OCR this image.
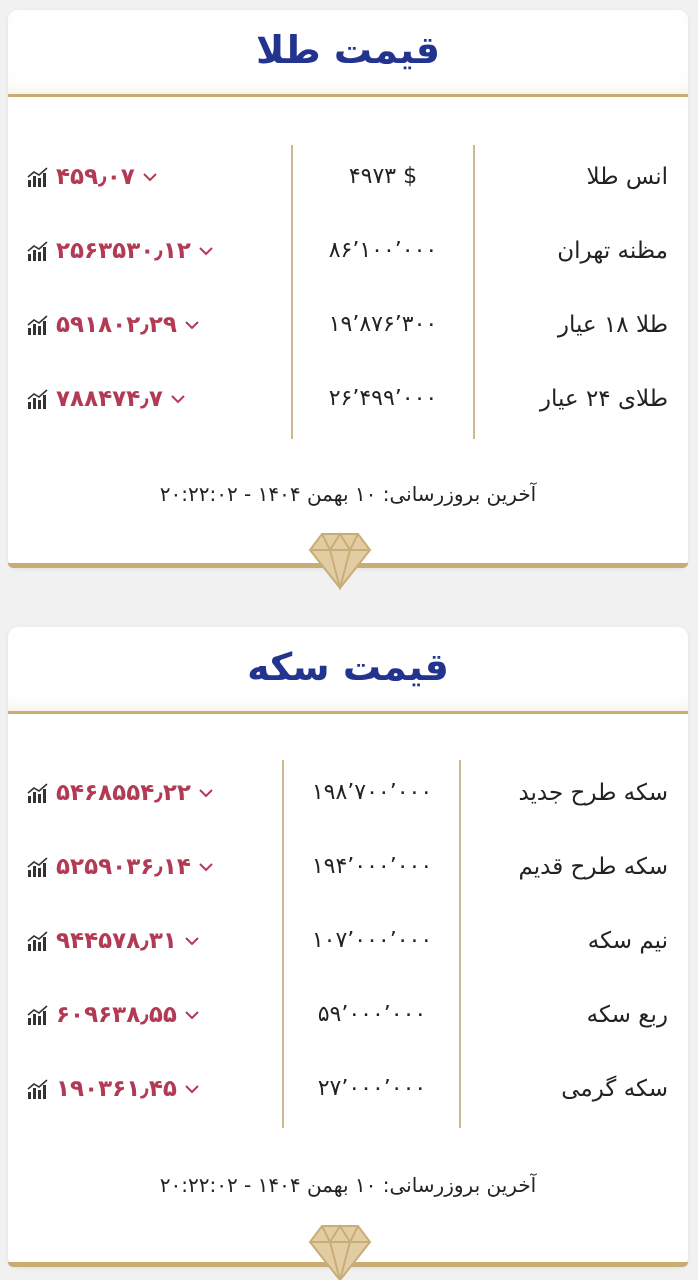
قیمت طلا
انس طلا
۴۹۷۳ $
۴۵۹٫۰۷
مظنه تهران
۸۶٬۱۰۰٬۰۰۰
۲۵۶۳۵۳۰٫۱۲
طلا ۱۸ عیار
۱۹٬۸۷۶٬۳۰۰
۵۹۱۸۰۲٫۲۹
طلای ۲۴ عیار
۲۶٬۴۹۹٬۰۰۰
۷۸۸۴۷۴٫۷
آخرین بروزرسانی: ۱۰ بهمن ۱۴۰۴ - ۲۰:۲۲:۰۲
قیمت سکه
سکه طرح جدید
۱۹۸٬۷۰۰٬۰۰۰
۵۴۶۸۵۵۴٫۲۲
سکه طرح قدیم
۱۹۴٬۰۰۰٬۰۰۰
۵۲۵۹۰۳۶٫۱۴
نیم سکه
۱۰۷٬۰۰۰٬۰۰۰
۹۴۴۵۷۸٫۳۱
ربع سکه
۵۹٬۰۰۰٬۰۰۰
۶۰۹۶۳۸٫۵۵
سکه گرمی
۲۷٬۰۰۰٬۰۰۰
۱۹۰۳۶۱٫۴۵
آخرین بروزرسانی: ۱۰ بهمن ۱۴۰۴ - ۲۰:۲۲:۰۲
